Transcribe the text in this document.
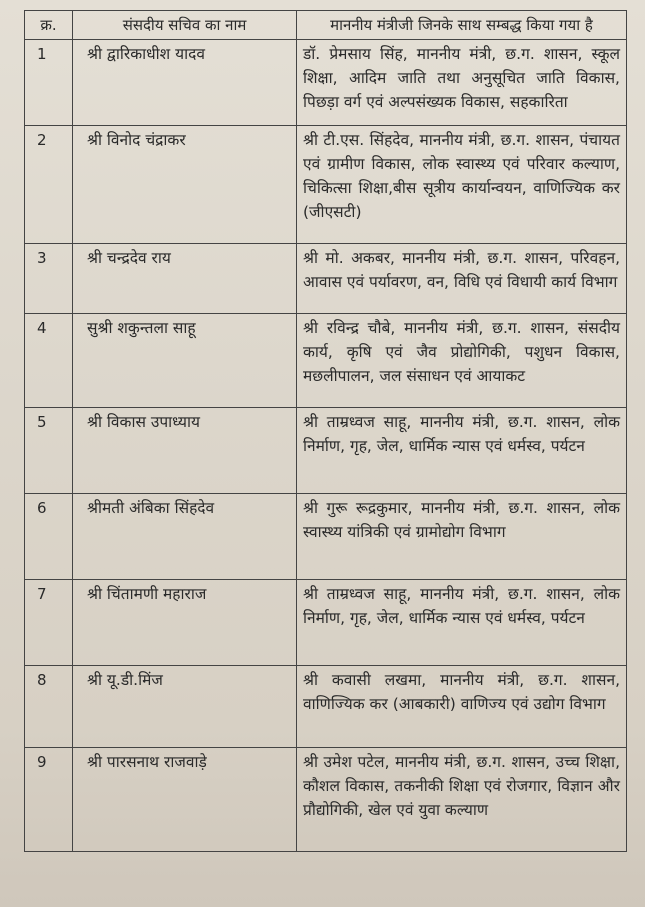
क्र.	संसदीय सचिव का नाम	माननीय मंत्रीजी जिनके साथ सम्बद्ध किया गया है
1	श्री द्वारिकाधीश यादव	डॉ. प्रेमसाय सिंह, माननीय मंत्री, छ.ग. शासन, स्कूल शिक्षा, आदिम जाति तथा अनुसूचित जाति विकास, पिछड़ा वर्ग एवं अल्पसंख्यक विकास, सहकारिता
2	श्री विनोद चंद्राकर	श्री टी.एस. सिंहदेव, माननीय मंत्री, छ.ग. शासन, पंचायत एवं ग्रामीण विकास, लोक स्वास्थ्य एवं परिवार कल्याण, चिकित्सा शिक्षा,बीस सूत्रीय कार्यान्वयन, वाणिज्यिक कर (जीएसटी)
3	श्री चन्द्रदेव राय	श्री मो. अकबर, माननीय मंत्री, छ.ग. शासन, परिवहन, आवास एवं पर्यावरण, वन, विधि एवं विधायी कार्य विभाग
4	सुश्री शकुन्तला साहू	श्री रविन्द्र चौबे, माननीय मंत्री, छ.ग. शासन, संसदीय कार्य, कृषि एवं जैव प्रोद्योगिकी, पशुधन विकास, मछलीपालन, जल संसाधन एवं आयाकट
5	श्री विकास उपाध्याय	श्री ताम्रध्वज साहू, माननीय मंत्री, छ.ग. शासन, लोक निर्माण, गृह, जेल, धार्मिक न्यास एवं धर्मस्व, पर्यटन
6	श्रीमती अंबिका सिंहदेव	श्री गुरू रूद्रकुमार, माननीय मंत्री, छ.ग. शासन, लोक स्वास्थ्य यांत्रिकी एवं ग्रामोद्योग विभाग
7	श्री चिंतामणी महाराज	श्री ताम्रध्वज साहू, माननीय मंत्री, छ.ग. शासन, लोक निर्माण, गृह, जेल, धार्मिक न्यास एवं धर्मस्व, पर्यटन
8	श्री यू.डी.मिंज	श्री कवासी लखमा, माननीय मंत्री, छ.ग. शासन, वाणिज्यिक कर (आबकारी) वाणिज्य एवं उद्योग विभाग
9	श्री पारसनाथ राजवाड़े	श्री उमेश पटेल, माननीय मंत्री, छ.ग. शासन, उच्च शिक्षा, कौशल विकास, तकनीकी शिक्षा एवं रोजगार, विज्ञान और प्रौद्योगिकी, खेल एवं युवा कल्याण
